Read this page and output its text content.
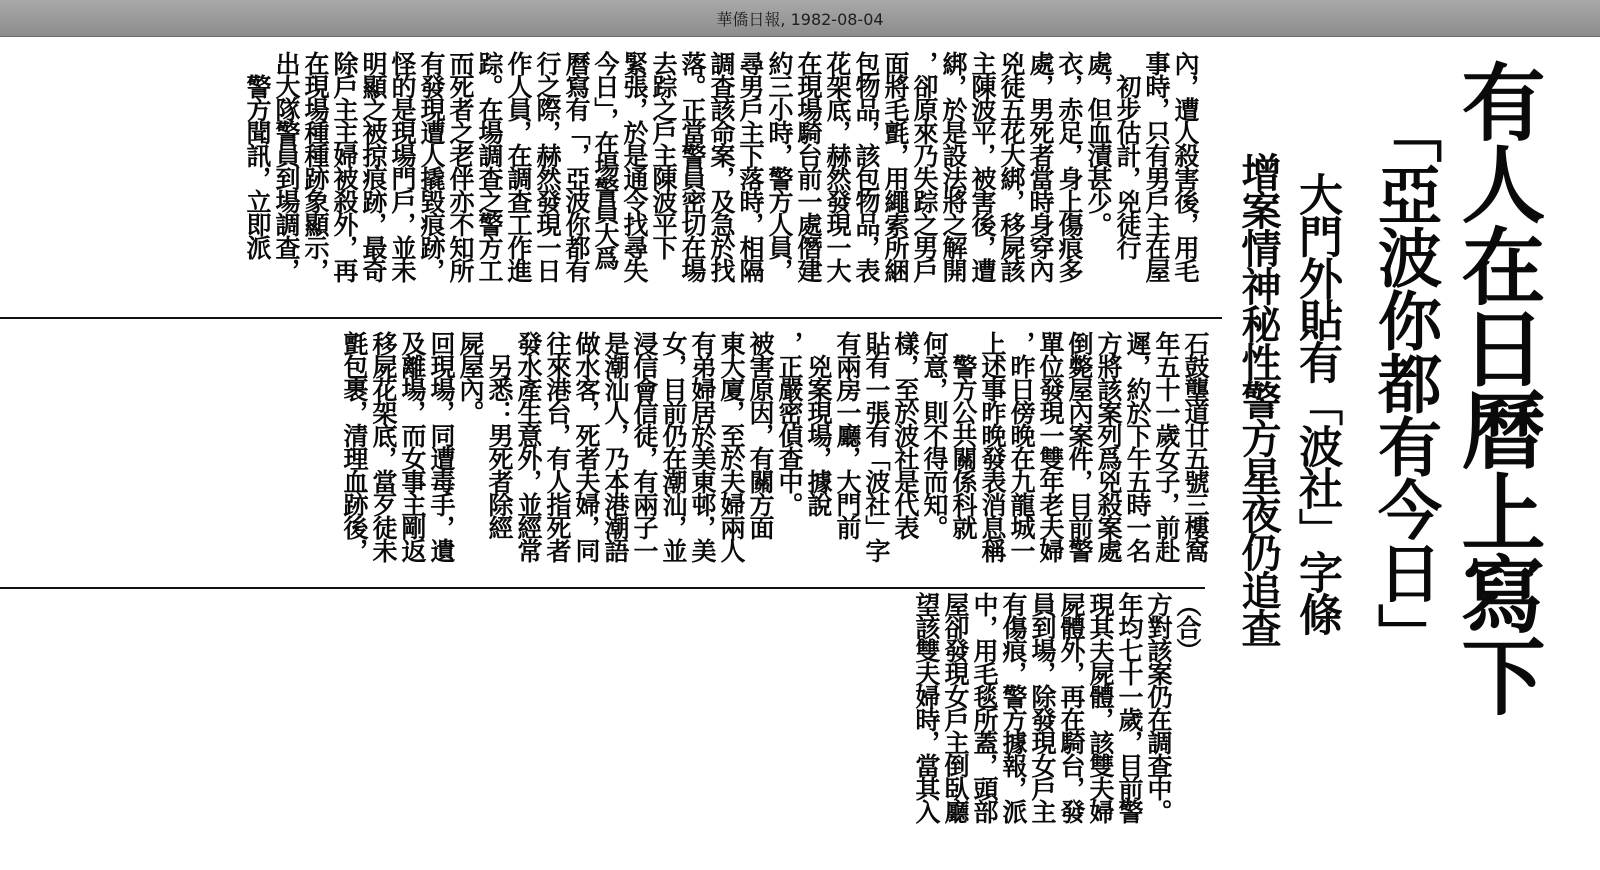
華僑日報, 1982-08-04
有人在日曆上寫下
「亞波你都有今日」
大門外貼有「波社」字條
增案情神秘性警方星夜仍追查
內，遭人殺害後，用毛
事時，只有男戶主在屋
　初步估計，兇徒行
處，但血漬甚少。
衣，赤足，身上傷痕多
處，男死者當時身穿內
兇徒五花大綁，移屍該
主陳波平，被害後，遭
綁，於是設法將之解開
，卻原來乃失踪之男戶
面將毛氈，用繩索所綑
包物品，該包物品，表
花架底，赫然發現一大
在現場騎台前一處僭建
約三小時，警方人員，
尋男戶主下落時，相隔
調查該命案，及急於找
落。正當警員密切在場
去踪之戶主陳波平下
緊張，於是通令找尋失
今日」，在場警員大爲
曆寫有「，亞波你都有
行之際，赫然發現一日
作人員，在調查工作進
踪。在場調查之警方工
而死者之老伴亦不知所
有發現遭人撬毀痕跡，
怪的是現場門戶，並未
明顯之被掠痕跡，最奇
除戶主主婦被殺外，再
在現場種種跡象顯示，
出大隊警員到場調查，
　警方聞訊，立即派
石鼓壟道廿五號三樓窩
年五十一歲女子，前赴
遲，約於下午五時一名
方將該案列爲兇殺案處
倒斃屋內案件，目前警
單位發現一雙年老夫婦
，昨日傍晚在九龍城一
上述事昨晚發表消息稱
　警方公共關係科就
何意，則不得而知。
樣，至於波社是代表
貼有一張有「波社」字
有兩房一廳，大門前
　兇案現場，據說
，正嚴密偵查中。
被害原因，有關方面
東大廈，至於夫婦兩人
有弟婦居於美東邨，美
女，目前仍在潮汕，並
浸信會信徒，有兩子一
是潮汕人，乃本港潮語
做水客，死者夫婦，同
往來港台，有人指死者
發水產生意外，並經常
　另悉：男死者除經
屍屋內。
回現場，同遭毒手，遺
及離場，而女事主剛返
移屍花架底，當歹徒未
氈包裹，清理血跡後，
（合）
方對該案仍在調查中。
年均七十一歲，目前警
現其夫屍體，該雙夫婦
屍體外，再在騎台，發
員到場，除發現女戶主
有傷痕，警方據報，派
中，用毛毯所蓋，頭部
屋卻發現女戶主倒臥廳
望該雙夫婦時，當其入
